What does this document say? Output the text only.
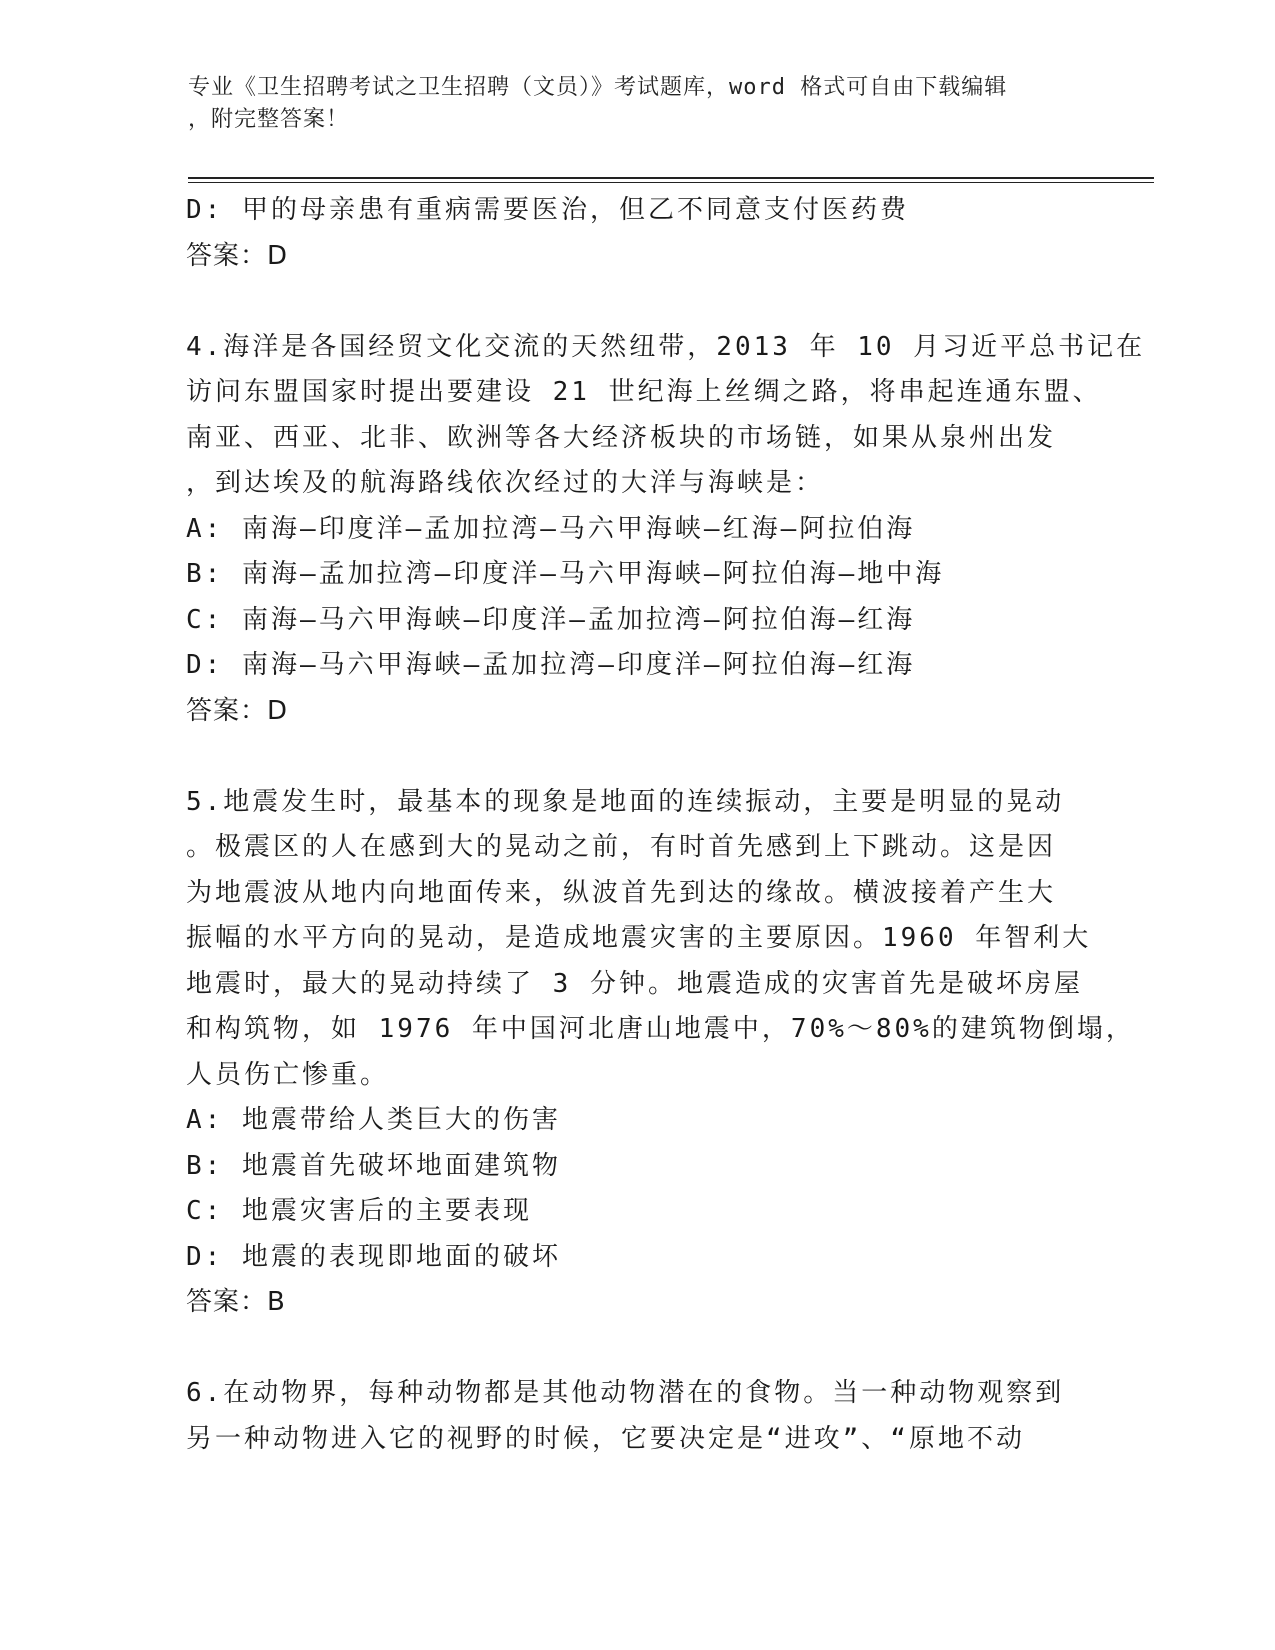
专业《卫生招聘考试之卫生招聘（文员）》考试题库，word 格式可自由下载编辑
，附完整答案！
D: 甲的母亲患有重病需要医治，但乙不同意支付医药费
答案：D
4.海洋是各国经贸文化交流的天然纽带，2013 年 10 月习近平总书记在
访问东盟国家时提出要建设 21 世纪海上丝绸之路，将串起连通东盟、
南亚、西亚、北非、欧洲等各大经济板块的市场链，如果从泉州出发
，到达埃及的航海路线依次经过的大洋与海峡是：
A: 南海—印度洋—孟加拉湾—马六甲海峡—红海—阿拉伯海
B: 南海—孟加拉湾—印度洋—马六甲海峡—阿拉伯海—地中海
C: 南海—马六甲海峡—印度洋—孟加拉湾—阿拉伯海—红海
D: 南海—马六甲海峡—孟加拉湾—印度洋—阿拉伯海—红海
答案：D
5.地震发生时，最基本的现象是地面的连续振动，主要是明显的晃动
。极震区的人在感到大的晃动之前，有时首先感到上下跳动。这是因
为地震波从地内向地面传来，纵波首先到达的缘故。横波接着产生大
振幅的水平方向的晃动，是造成地震灾害的主要原因。1960 年智利大
地震时，最大的晃动持续了 3 分钟。地震造成的灾害首先是破坏房屋
和构筑物，如 1976 年中国河北唐山地震中，70%～80%的建筑物倒塌，
人员伤亡惨重。
A: 地震带给人类巨大的伤害
B: 地震首先破坏地面建筑物
C: 地震灾害后的主要表现
D: 地震的表现即地面的破坏
答案：B
6.在动物界，每种动物都是其他动物潜在的食物。当一种动物观察到
另一种动物进入它的视野的时候，它要决定是“进攻”、“原地不动
